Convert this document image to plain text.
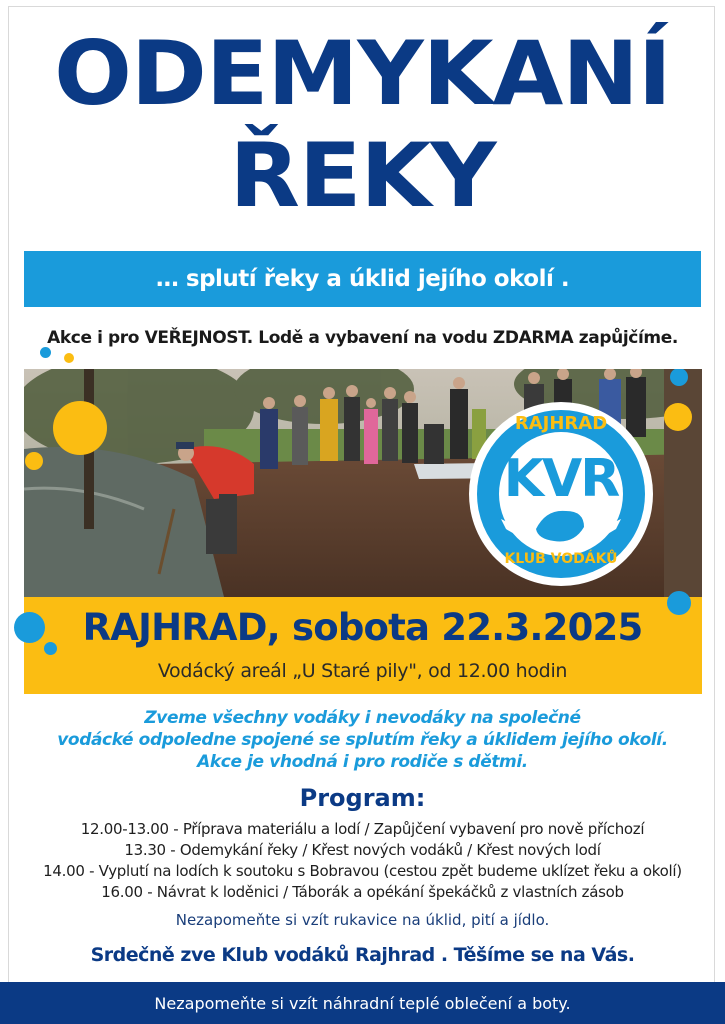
ODEMYKANÍ
ŘEKY
… splutí řeky a úklid jejího okolí .
Akce i pro VEŘEJNOST. Lodě a vybavení na vodu ZDARMA zapůjčíme.
RAJHRAD
KVR
KLUB VODÁKŮ
RAJHRAD, sobota 22.3.2025
Vodácký areál „U Staré pily", od 12.00 hodin
Zveme všechny vodáky i nevodáky na společné
vodácké odpoledne spojené se splutím řeky a úklidem jejího okolí.
Akce je vhodná i pro rodiče s dětmi.
Program:
12.00-13.00 - Příprava materiálu a lodí / Zapůjčení vybavení pro nově příchozí
13.30 - Odemykání řeky / Křest nových vodáků / Křest nových lodí
14.00 - Vyplutí na lodích k soutoku s Bobravou (cestou zpět budeme uklízet řeku a okolí)
16.00 - Návrat k loděnici / Táborák a opékání špekáčků z vlastních zásob
Nezapomeňte si vzít rukavice na úklid, pití a jídlo.
Srdečně zve Klub vodáků Rajhrad . Těšíme se na Vás.
Nezapomeňte si vzít náhradní teplé oblečení a boty.
